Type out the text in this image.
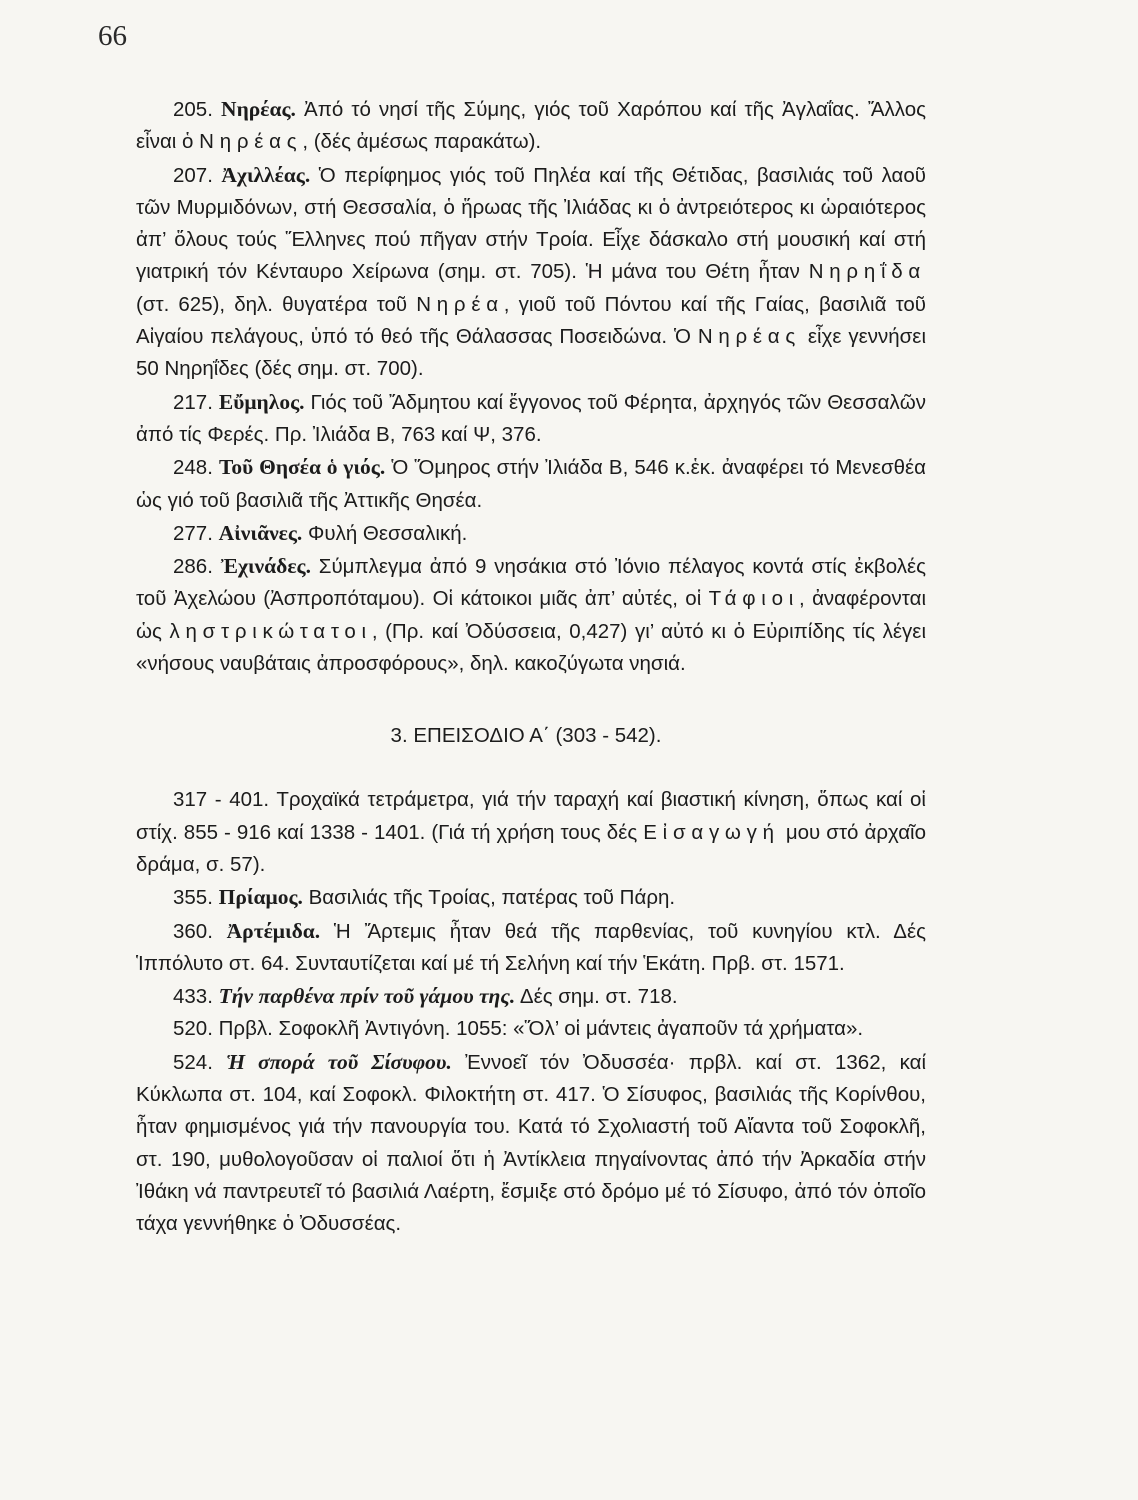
66

205. Νηρέας. Ἀπό τό νησί τῆς Σύμης, γιός τοῦ Χαρόπου καί τῆς Ἀγλαΐας. Ἄλλος εἶναι ὁ Νηρέας, (δές ἀμέσως παρακάτω).

207. Ἀχιλλέας. Ὁ περίφημος γιός τοῦ Πηλέα καί τῆς Θέτιδας, βασιλιάς τοῦ λαοῦ τῶν Μυρμιδόνων, στή Θεσσαλία, ὁ ἥρωας τῆς Ἰλιάδας κι ὁ ἀντρειότερος κι ὡραιότερος ἀπ’ ὅλους τούς Ἕλληνες πού πῆγαν στήν Τροία. Εἶχε δάσκαλο στή μουσική καί στή γιατρική τόν Κένταυρο Χείρωνα (σημ. στ. 705). Ἡ μάνα του Θέτη ἦταν Νηρηΐδα (στ. 625), δηλ. θυγατέρα τοῦ Νηρέα, γιοῦ τοῦ Πόντου καί τῆς Γαίας, βασιλιᾶ τοῦ Αἰγαίου πελάγους, ὑπό τό θεό τῆς Θάλασσας Ποσειδώνα. Ὁ Νηρέας εἶχε γεννήσει 50 Νηρηΐδες (δές σημ. στ. 700).

217. Εὔμηλος. Γιός τοῦ Ἄδμητου καί ἔγγονος τοῦ Φέρητα, ἀρχηγός τῶν Θεσσαλῶν ἀπό τίς Φερές. Πρ. Ἰλιάδα Β, 763 καί Ψ, 376.

248. Τοῦ Θησέα ὁ γιός. Ὁ Ὅμηρος στήν Ἰλιάδα Β, 546 κ.ἑκ. ἀναφέρει τό Μενεσθέα ὡς γιό τοῦ βασιλιᾶ τῆς Ἀττικῆς Θησέα.

277. Αἰνιᾶνες. Φυλή Θεσσαλική.

286. Ἐχινάδες. Σύμπλεγμα ἀπό 9 νησάκια στό Ἰόνιο πέλαγος κοντά στίς ἐκβολές τοῦ Ἀχελώου (Ἀσπροπόταμου). Οἱ κάτοικοι μιᾶς ἀπ’ αὐτές, οἱ Τάφιοι, ἀναφέρονται ὡς ληστρικώτατοι, (Πρ. καί Ὀδύσσεια, 0,427) γι’ αὐτό κι ὁ Εὐριπίδης τίς λέγει «νήσους ναυβάταις ἀπροσφόρους», δηλ. κακοζύγωτα νησιά.

3. ΕΠΕΙΣΟΔΙΟ Α΄ (303 - 542).

317 - 401. Τροχαϊκά τετράμετρα, γιά τήν ταραχή καί βιαστική κίνηση, ὅπως καί οἱ στίχ. 855 - 916 καί 1338 - 1401. (Γιά τή χρήση τους δές Εἰσαγωγή μου στό ἀρχαῖο δράμα, σ. 57).

355. Πρίαμος. Βασιλιάς τῆς Τροίας, πατέρας τοῦ Πάρη.

360. Ἀρτέμιδα. Ἡ Ἄρτεμις ἦταν θεά τῆς παρθενίας, τοῦ κυνηγίου κτλ. Δές Ἱππόλυτο στ. 64. Συνταυτίζεται καί μέ τή Σελήνη καί τήν Ἑκάτη. Πρβ. στ. 1571.

433. Τήν παρθένα πρίν τοῦ γάμου της. Δές σημ. στ. 718.

520. Πρβλ. Σοφοκλῆ Ἀντιγόνη. 1055: «Ὅλ’ οἱ μάντεις ἀγαποῦν τά χρήματα».

524. Ἡ σπορά τοῦ Σίσυφου. Ἐννοεῖ τόν Ὀδυσσέα· πρβλ. καί στ. 1362, καί Κύκλωπα στ. 104, καί Σοφοκλ. Φιλοκτήτη στ. 417. Ὁ Σίσυφος, βασιλιάς τῆς Κορίνθου, ἦταν φημισμένος γιά τήν πανουργία του. Κατά τό Σχολιαστή τοῦ Αἴαντα τοῦ Σοφοκλῆ, στ. 190, μυθολογοῦσαν οἱ παλιοί ὅτι ἡ Ἀντίκλεια πηγαίνοντας ἀπό τήν Ἀρκαδία στήν Ἰθάκη νά παντρευτεῖ τό βασιλιά Λαέρτη, ἔσμιξε στό δρόμο μέ τό Σίσυφο, ἀπό τόν ὁποῖο τάχα γεννήθηκε ὁ Ὀδυσσέας.
